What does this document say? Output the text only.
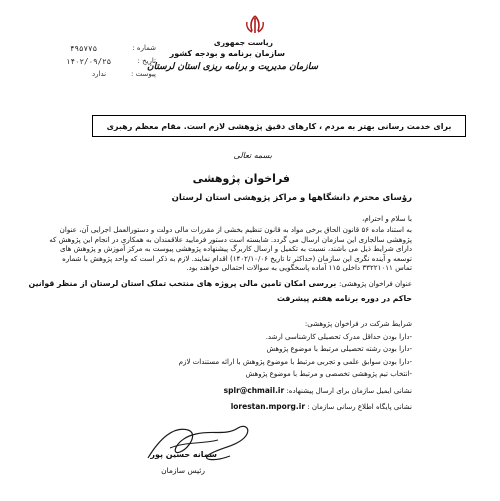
ریاست جمهوری
سازمان برنامه و بودجه کشور
سازمان مدیریت و برنامه ریزی استان لرستان
شماره :
۴۹۵۷۷۵
تاریخ :
۱۴۰۲/۰۹/۲۵
پیوست :
ندارد
برای خدمت رسانی بهتر به مردم ، کارهای دقیق پژوهشی لازم است. مقام معظم رهبری
بسمه تعالی
فراخوان پژوهشی
رؤسای محترم دانشگاهها و مراکز پژوهشی استان لرستان
با سلام و احترام،

به استناد ماده ۵۶ قانون الحاق برخی مواد به قانون تنظیم بخشی از مقررات مالی دولت و دستورالعمل اجرایی آن، عنوان

پژوهشی سالجاری این سازمان ارسال می گردد. شایسته است دستور فرمایید علاقمندان به همکاری در انجام این پژوهش که

دارای شرایط ذیل می باشند، نسبت به تکمیل و ارسال کاربرگ پیشنهاده پژوهشی پیوست به مرکز آموزش و پژوهش های

توسعه و آینده نگری این سازمان (حداکثر تا تاریخ ۱۴۰۲/۱۰/۰۶) اقدام نمایند. لازم به ذکر است که واحد پژوهش با شماره

تماس ۳۳۲۲۱۰۱۱ داخلی ۱۱۵ آماده پاسخگویی به سوالات احتمالی خواهند بود.

عنوان فراخوان پژوهشی: بررسی امکان تامین مالی پروژه های منتخب تملک استان لرستان از منظر قوانین

حاکم در دوره برنامه هفتم پیشرفت

شرایط شرکت در فراخوان پژوهشی:

-دارا بودن حداقل مدرک تحصیلی کارشناسی ارشد.

-دارا بودن رشته تحصیلی مرتبط با موضوع پژوهش

-دارا بودن سوابق علمی و تجربی مرتبط با موضوع پژوهش با ارائه مستندات لازم

-انتخاب تیم پژوهشی تخصصی و مرتبط با موضوع پژوهش

نشانی ایمیل سازمان برای ارسال پیشنهاده: splr@chmail.ir

نشانی پایگاه اطلاع رسانی سازمان : lorestan.mporg.ir

سمانه حسین پور
رئیس سازمان
